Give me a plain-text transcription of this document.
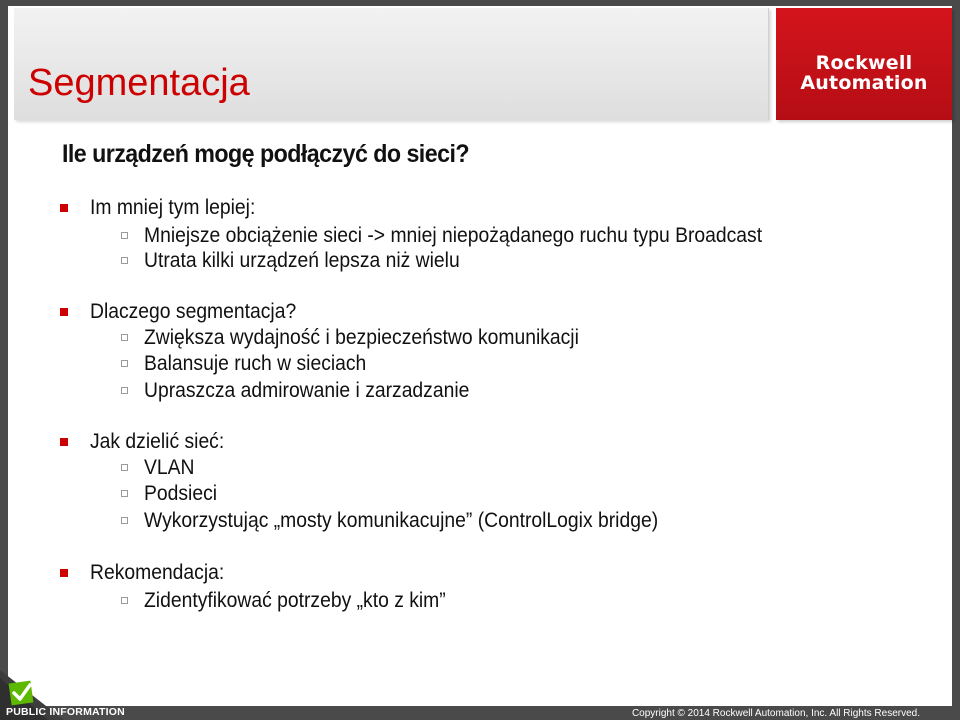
Segmentacja	Rockwell
Automation
Ile urządzeń mogę podłączyć do sieci?
Im mniej tym lepiej:
Mniejsze obciążenie sieci -> mniej niepożądanego ruchu typu Broadcast
Utrata kilki urządzeń lepsza niż wielu
Dlaczego segmentacja?
Zwiększa wydajność i bezpieczeństwo komunikacji
Balansuje ruch w sieciach
Upraszcza admirowanie i zarzadzanie
Jak dzielić sieć:
VLAN
Podsieci
Wykorzystując „mosty komunikacujne” (ControlLogix bridge)
Rekomendacja:
Zidentyfikować potrzeby „kto z kim”
PUBLIC INFORMATION	Copyright © 2014 Rockwell Automation, Inc. All Rights Reserved.
